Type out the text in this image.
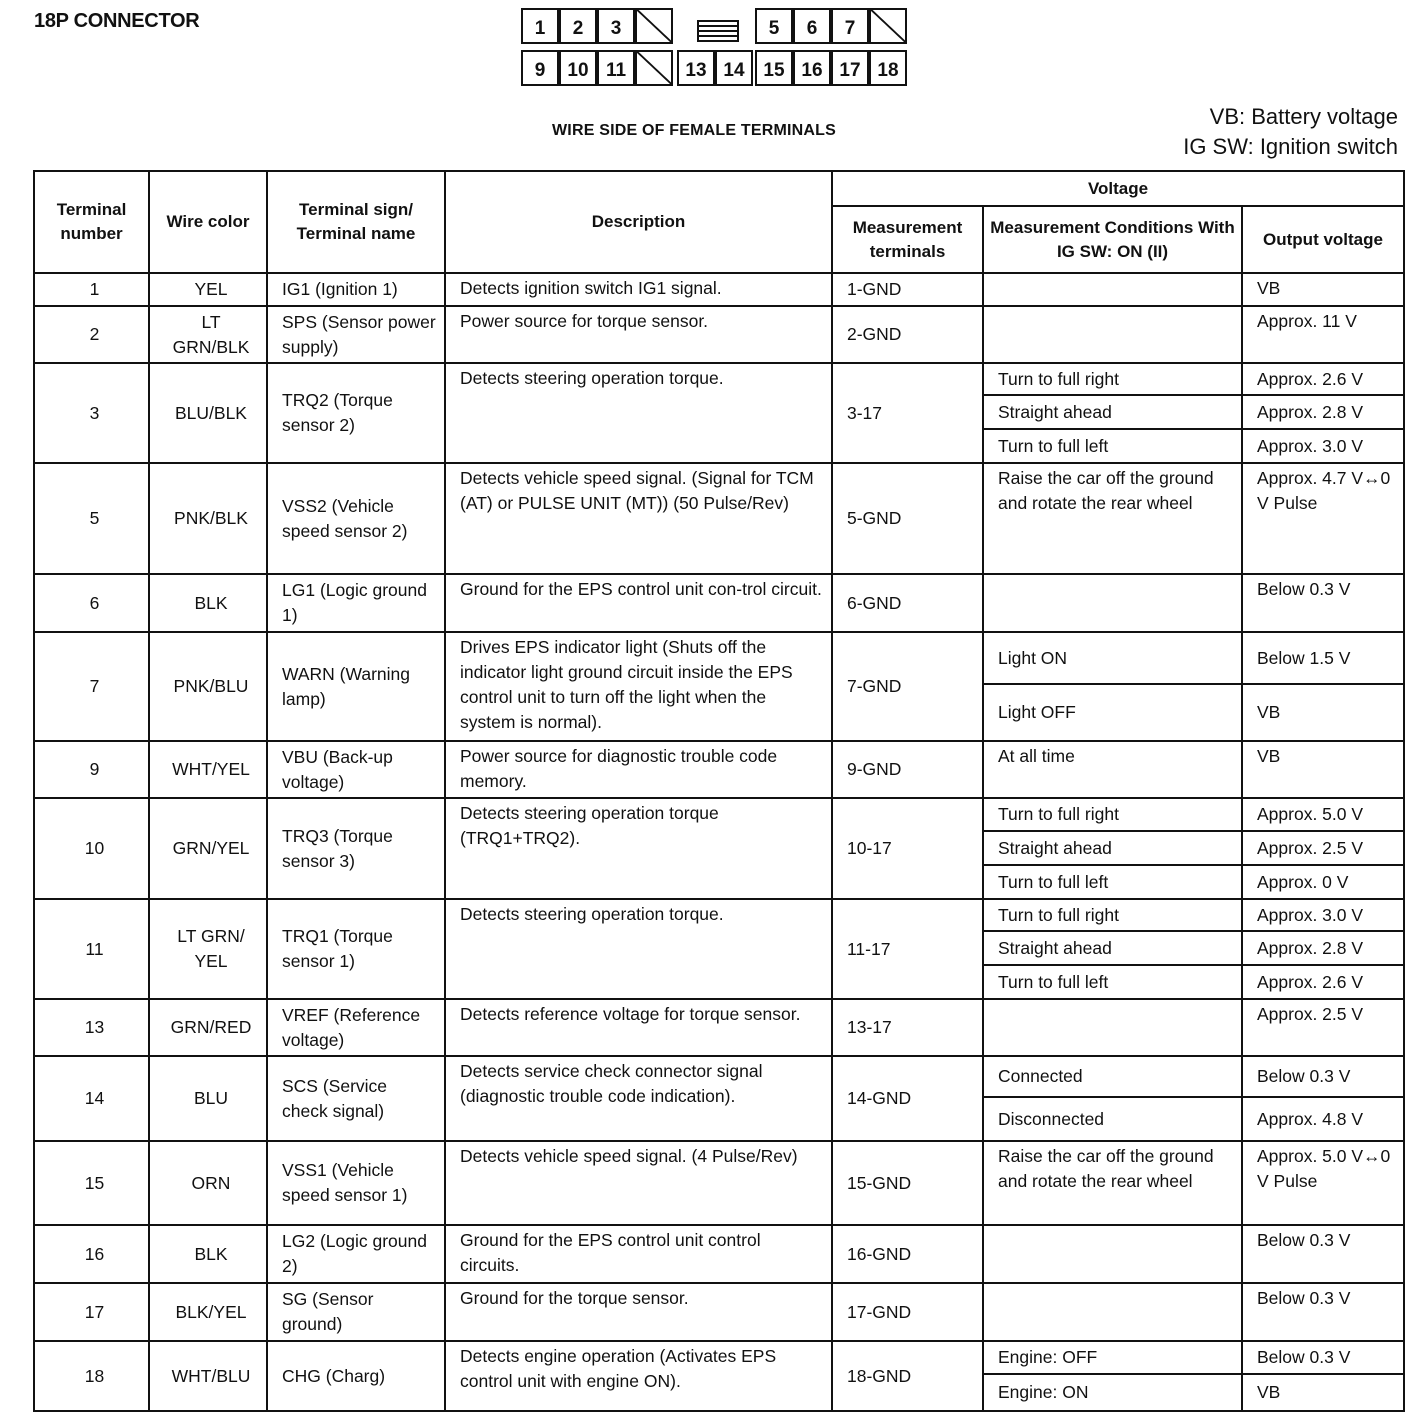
18P CONNECTOR
WIRE SIDE OF FEMALE TERMINALS
VB: Battery voltage
IG SW: Ignition switch
1	2	3	5	6	7
9	10 11	13 14 15 16 17 18
Terminal number	Wire color	Terminal sign/ Terminal name	Description	Voltage		
				Measurement terminals	Measurement Conditions With IG SW: ON (II)	Output voltage
1	YEL	IG1 (Ignition 1)	Detects ignition switch IG1 signal.	1-GND		VB
2	LT GRN/BLK	SPS (Sensor power supply)	Power source for torque sensor.	2-GND		Approx. 11 V
3	BLU/BLK	TRQ2 (Torque sensor 2)	Detects steering operation torque.	3-17	Turn to full right	Approx. 2.6 V
					Straight ahead	Approx. 2.8 V
					Turn to full left	Approx. 3.0 V
5	PNK/BLK	VSS2 (Vehicle speed sensor 2)	Detects vehicle speed signal. (Signal for TCM (AT) or PULSE UNIT (MT)) (50 Pulse/Rev)	5-GND	Raise the car off the ground and rotate the rear wheel	Approx. 4.7 V↔0 V Pulse
6	BLK	LG1 (Logic ground 1)	Ground for the EPS control unit con-trol circuit.	6-GND		Below 0.3 V
7	PNK/BLU	WARN (Warning lamp)	Drives EPS indicator light (Shuts off the indicator light ground circuit inside the EPS control unit to turn off the light when the system is normal).	7-GND	Light ON	Below 1.5 V
					Light OFF	VB
9	WHT/YEL	VBU (Back-up voltage)	Power source for diagnostic trouble code memory.	9-GND	At all time	VB
10	GRN/YEL	TRQ3 (Torque sensor 3)	Detects steering operation torque (TRQ1+TRQ2).	10-17	Turn to full right	Approx. 5.0 V
					Straight ahead	Approx. 2.5 V
					Turn to full left	Approx. 0 V
11	LT GRN/ YEL	TRQ1 (Torque sensor 1)	Detects steering operation torque.	11-17	Turn to full right	Approx. 3.0 V
					Straight ahead	Approx. 2.8 V
					Turn to full left	Approx. 2.6 V
13	GRN/RED	VREF (Reference voltage)	Detects reference voltage for torque sensor.	13-17		Approx. 2.5 V
14	BLU	SCS (Service check signal)	Detects service check connector signal (diagnostic trouble code indication).	14-GND	Connected	Below 0.3 V
					Disconnected	Approx. 4.8 V
15	ORN	VSS1 (Vehicle speed sensor 1)	Detects vehicle speed signal. (4 Pulse/Rev)	15-GND	Raise the car off the ground and rotate the rear wheel	Approx. 5.0 V↔0 V Pulse
16	BLK	LG2 (Logic ground 2)	Ground for the EPS control unit control circuits.	16-GND		Below 0.3 V
17	BLK/YEL	SG (Sensor ground)	Ground for the torque sensor.	17-GND		Below 0.3 V
18	WHT/BLU	CHG (Charg)	Detects engine operation (Activates EPS control unit with engine ON).	18-GND	Engine: OFF	Below 0.3 V
					Engine: ON	VB
